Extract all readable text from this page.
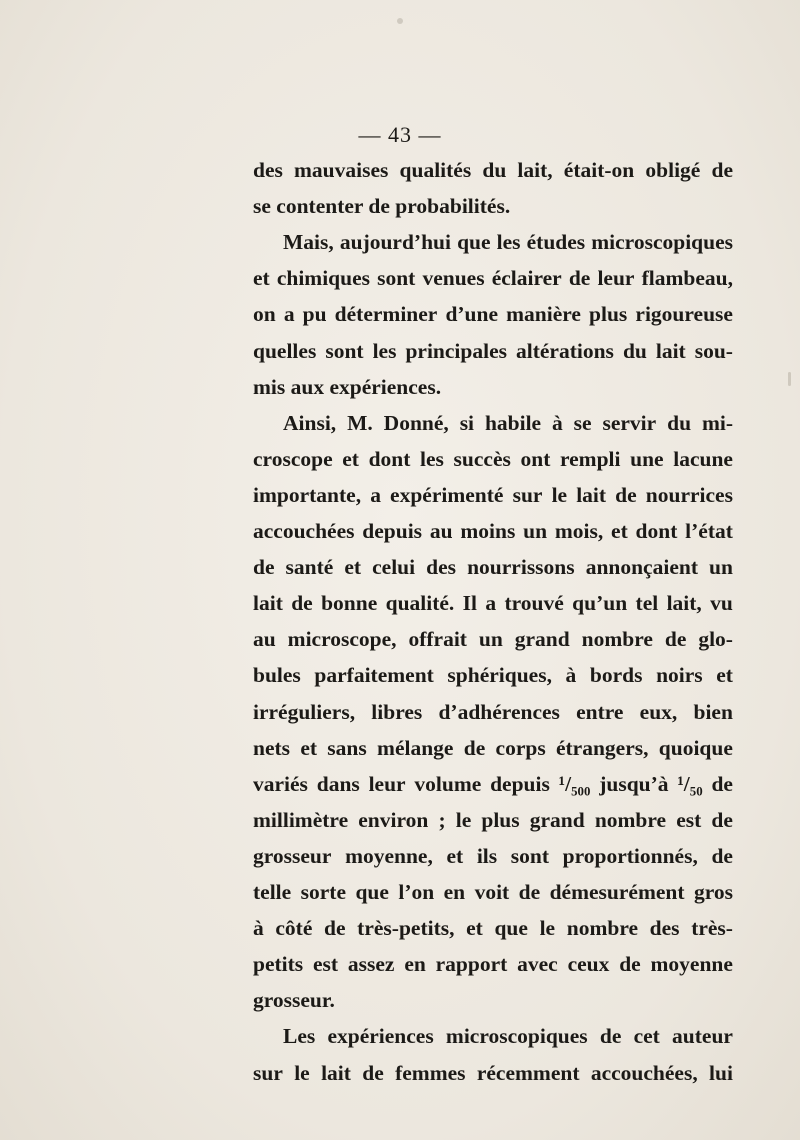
— 43 —
des mauvaises qualités du lait, était-on obligé de
se contenter de probabilités.
Mais, aujourd’hui que les études microscopiques
et chimiques sont venues éclairer de leur flambeau,
on a pu déterminer d’une manière plus rigoureuse
quelles sont les principales altérations du lait sou-
mis aux expériences.
Ainsi, M. Donné, si habile à se servir du mi-
croscope et dont les succès ont rempli une lacune
importante, a expérimenté sur le lait de nourrices
accouchées depuis au moins un mois, et dont l’état
de santé et celui des nourrissons annonçaient un
lait de bonne qualité. Il a trouvé qu’un tel lait, vu
au microscope, offrait un grand nombre de glo-
bules parfaitement sphériques, à bords noirs et
irréguliers, libres d’adhérences entre eux, bien
nets et sans mélange de corps étrangers, quoique
variés dans leur volume depuis ¹/₅₀₀ jusqu’à ¹/₅₀ de
millimètre environ ; le plus grand nombre est de
grosseur moyenne, et ils sont proportionnés, de
telle sorte que l’on en voit de démesurément gros
à côté de très-petits, et que le nombre des très-
petits est assez en rapport avec ceux de moyenne
grosseur.
Les expériences microscopiques de cet auteur
sur le lait de femmes récemment accouchées, lui
